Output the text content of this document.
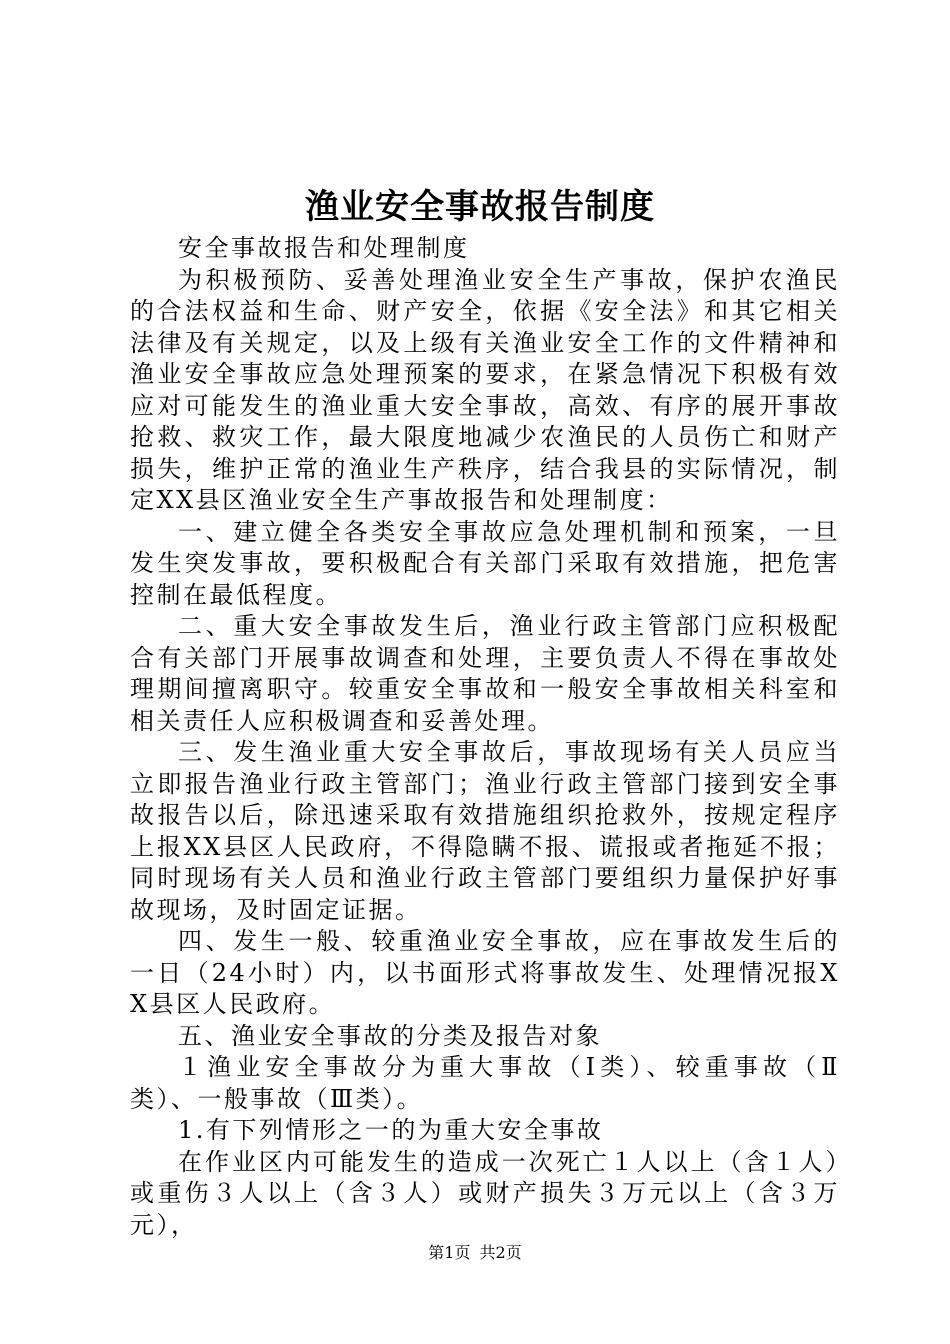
渔业安全事故报告制度

安全事故报告和处理制度

为积极预防、妥善处理渔业安全生产事故，保护农渔民的合法权益和生命、财产安全，依据《安全法》和其它相关法律及有关规定，以及上级有关渔业安全工作的文件精神和渔业安全事故应急处理预案的要求，在紧急情况下积极有效应对可能发生的渔业重大安全事故，高效、有序的展开事故抢救、救灾工作，最大限度地减少农渔民的人员伤亡和财产损失，维护正常的渔业生产秩序，结合我县的实际情况，制定XX县区渔业安全生产事故报告和处理制度：

一、建立健全各类安全事故应急处理机制和预案，一旦发生突发事故，要积极配合有关部门采取有效措施，把危害控制在最低程度。

二、重大安全事故发生后，渔业行政主管部门应积极配合有关部门开展事故调查和处理，主要负责人不得在事故处理期间擅离职守。较重安全事故和一般安全事故相关科室和相关责任人应积极调查和妥善处理。

三、发生渔业重大安全事故后，事故现场有关人员应当立即报告渔业行政主管部门；渔业行政主管部门接到安全事故报告以后，除迅速采取有效措施组织抢救外，按规定程序上报XX县区人民政府，不得隐瞒不报、谎报或者拖延不报；同时现场有关人员和渔业行政主管部门要组织力量保护好事故现场，及时固定证据。

四、发生一般、较重渔业安全事故，应在事故发生后的一日（24小时）内，以书面形式将事故发生、处理情况报XX县区人民政府。

五、渔业安全事故的分类及报告对象

１渔业安全事故分为重大事故（Ⅰ类）、较重事故（Ⅱ类）、一般事故（Ⅲ类）。

1.有下列情形之一的为重大安全事故

在作业区内可能发生的造成一次死亡１人以上（含１人）或重伤３人以上（含３人）或财产损失３万元以上（含３万元），

第1页 共2页
